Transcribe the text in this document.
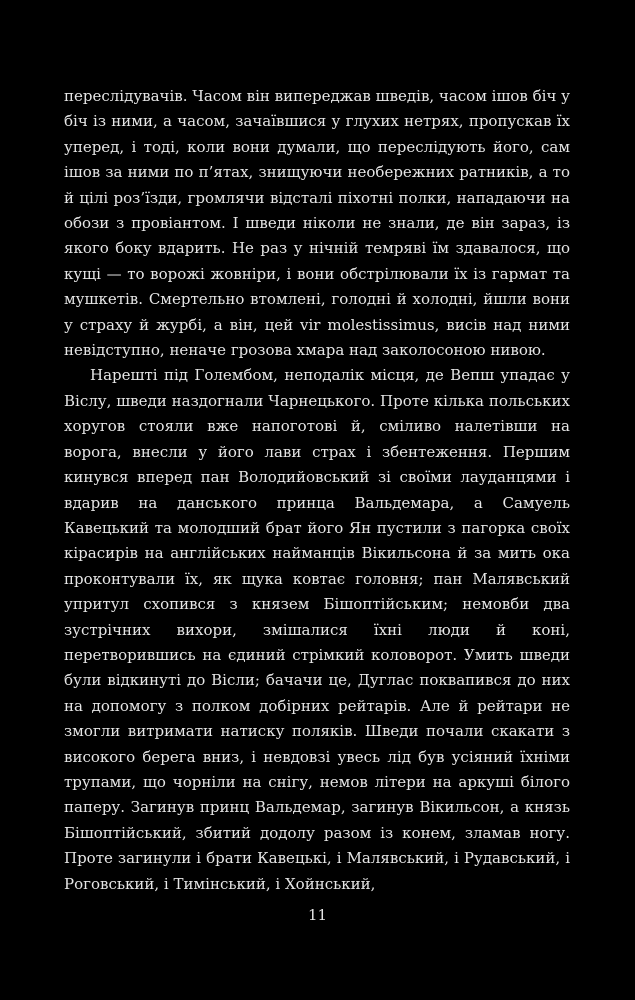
переслідувачів. Часом він випереджав шведів, часом ішов біч у біч із ними, а часом, зачаївшися у глухих нетрях, пропускав їх уперед, і тоді, коли вони думали, що переслідують його, сам ішов за ними по п’ятах, знищуючи необережних ратників, а то й цілі роз’їзди, громлячи відсталі піхотні полки, нападаючи на обози з провіантом. І шведи ніколи не знали, де він зараз, із якого боку вдарить. Не раз у нічній темряві їм здавалося, що кущі — то ворожі жовніри, і вони обстрілювали їх із гармат та мушкетів. Смертельно втомлені, голодні й холодні, йшли вони у страху й журбі, а він, цей vir molestissimus, висів над ними невідступно, неначе грозова хмара над заколосоною нивою.

Нарешті під Голембом, неподалік місця, де Вепш упадає у Віслу, шведи наздогнали Чарнецького. Проте кілька польських хоругов стояли вже напоготові й, сміливо налетівши на ворога, внесли у його лави страх і збентеження. Першим кинувся вперед пан Володийовський зі своїми лауданцями і вдарив на данського принца Вальдемара, а Самуель Кавецький та молодший брат його Ян пустили з пагорка своїх кірасирів на англійських найманців Вікильсона й за мить ока проконтували їх, як щука ковтає головня; пан Малявський упритул схопився з князем Бішоптійським; немовби два зустрічних вихори, змішалися їхні люди й коні, перетворившись на єдиний стрімкий коловорот. Умить шведи були відкинуті до Вісли; бачачи це, Дуглас поквапився до них на допомогу з полком добірних рейтарів. Але й рейтари не змогли витримати натиску поляків. Шведи почали скакати з високого берега вниз, і невдовзі увесь лід був усіяний їхніми трупами, що чорніли на снігу, немов літери на аркуші білого паперу. Загинув принц Вальдемар, загинув Вікильсон, а князь Бішоптійський, збитий додолу разом із конем, зламав ногу. Проте загинули і брати Кавецькі, і Малявський, і Рудавський, і Роговський, і Тимінський, і Хойнський,

11
